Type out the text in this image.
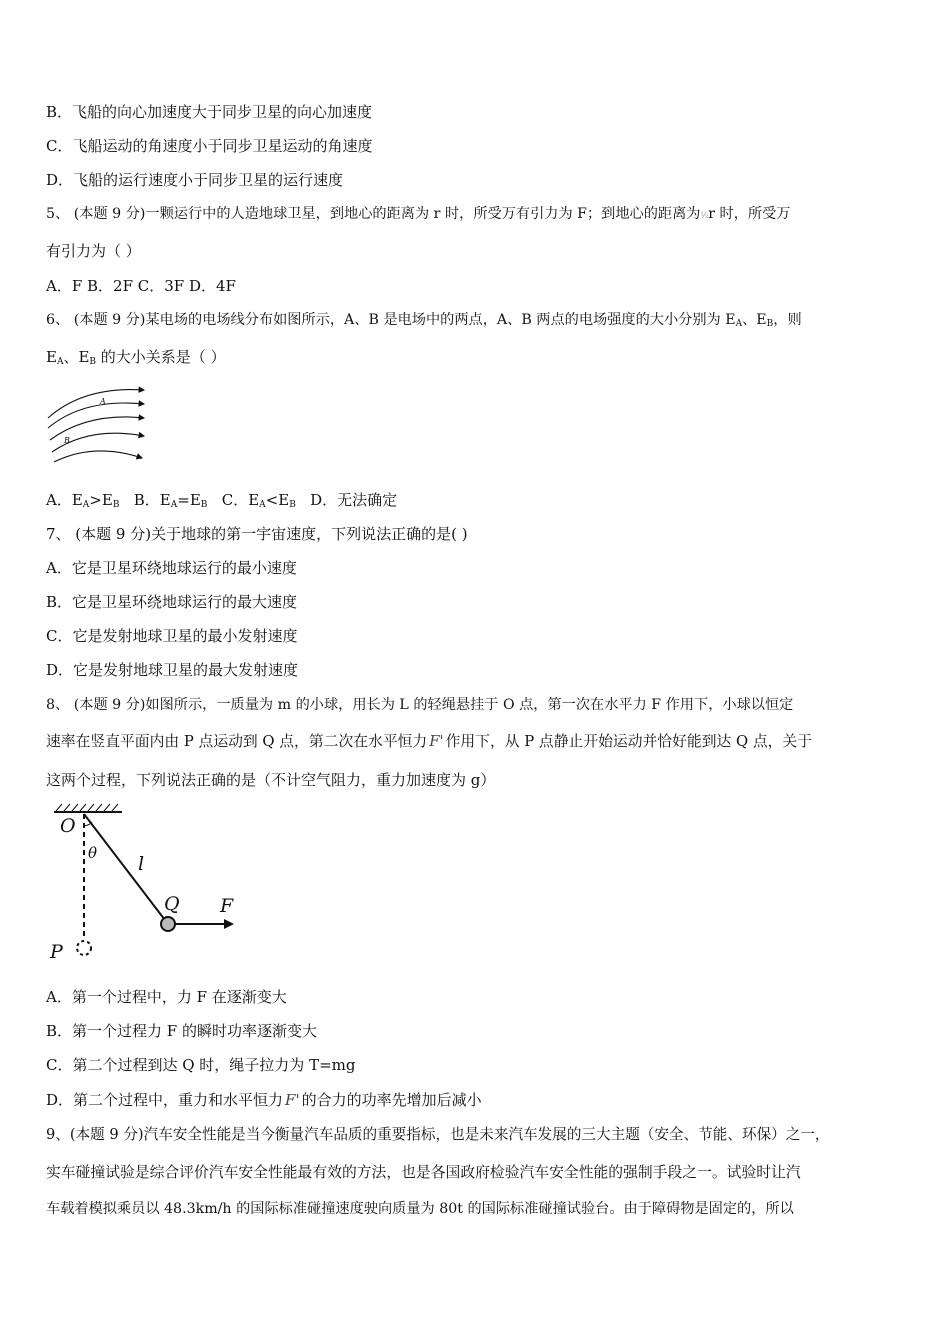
B．飞船的向心加速度大于同步卫星的向心加速度
C．飞船运动的角速度小于同步卫星运动的角速度
D．飞船的运行速度小于同步卫星的运行速度
5、 (本题 9 分)一颗运行中的人造地球卫星，到地心的距离为 r 时，所受万有引力为 F；到地心的距离为½r 时，所受万
有引力为（ ）
A．F B．2F C．3F D．4F
6、 (本题 9 分)某电场的电场线分布如图所示，A、B 是电场中的两点，A、B 两点的电场强度的大小分别为 $E_A$、$E_B$，则
$E_A$、$E_B$ 的大小关系是（ ）
A
B
A．$E_A>E_B$ B．$E_A=E_B$ C．$E_A<E_B$ D．无法确定
7、 (本题 9 分)关于地球的第一宇宙速度，下列说法正确的是( )
A．它是卫星环绕地球运行的最小速度
B．它是卫星环绕地球运行的最大速度
C．它是发射地球卫星的最小发射速度
D．它是发射地球卫星的最大发射速度
8、 (本题 9 分)如图所示，一质量为 m 的小球，用长为 L 的轻绳悬挂于 O 点，第一次在水平力 F 作用下，小球以恒定
速率在竖直平面内由 P 点运动到 Q 点，第二次在水平恒力 F' 作用下，从 P 点静止开始运动并恰好能到达 Q 点，关于
这两个过程，下列说法正确的是（不计空气阻力，重力加速度为 g）
O
θ l
Q F
P
A．第一个过程中，力 F 在逐渐变大
B．第一个过程力 F 的瞬时功率逐渐变大
C．第二个过程到达 Q 时，绳子拉力为 T=mg
D．第二个过程中，重力和水平恒力 F' 的合力的功率先增加后减小
9、(本题 9 分)汽车安全性能是当今衡量汽车品质的重要指标，也是未来汽车发展的三大主题（安全、节能、环保）之一，
实车碰撞试验是综合评价汽车安全性能最有效的方法，也是各国政府检验汽车安全性能的强制手段之一。试验时让汽
车载着模拟乘员以 48.3km/h 的国际标准碰撞速度驶向质量为 80t 的国际标准碰撞试验台。由于障碍物是固定的，所以
